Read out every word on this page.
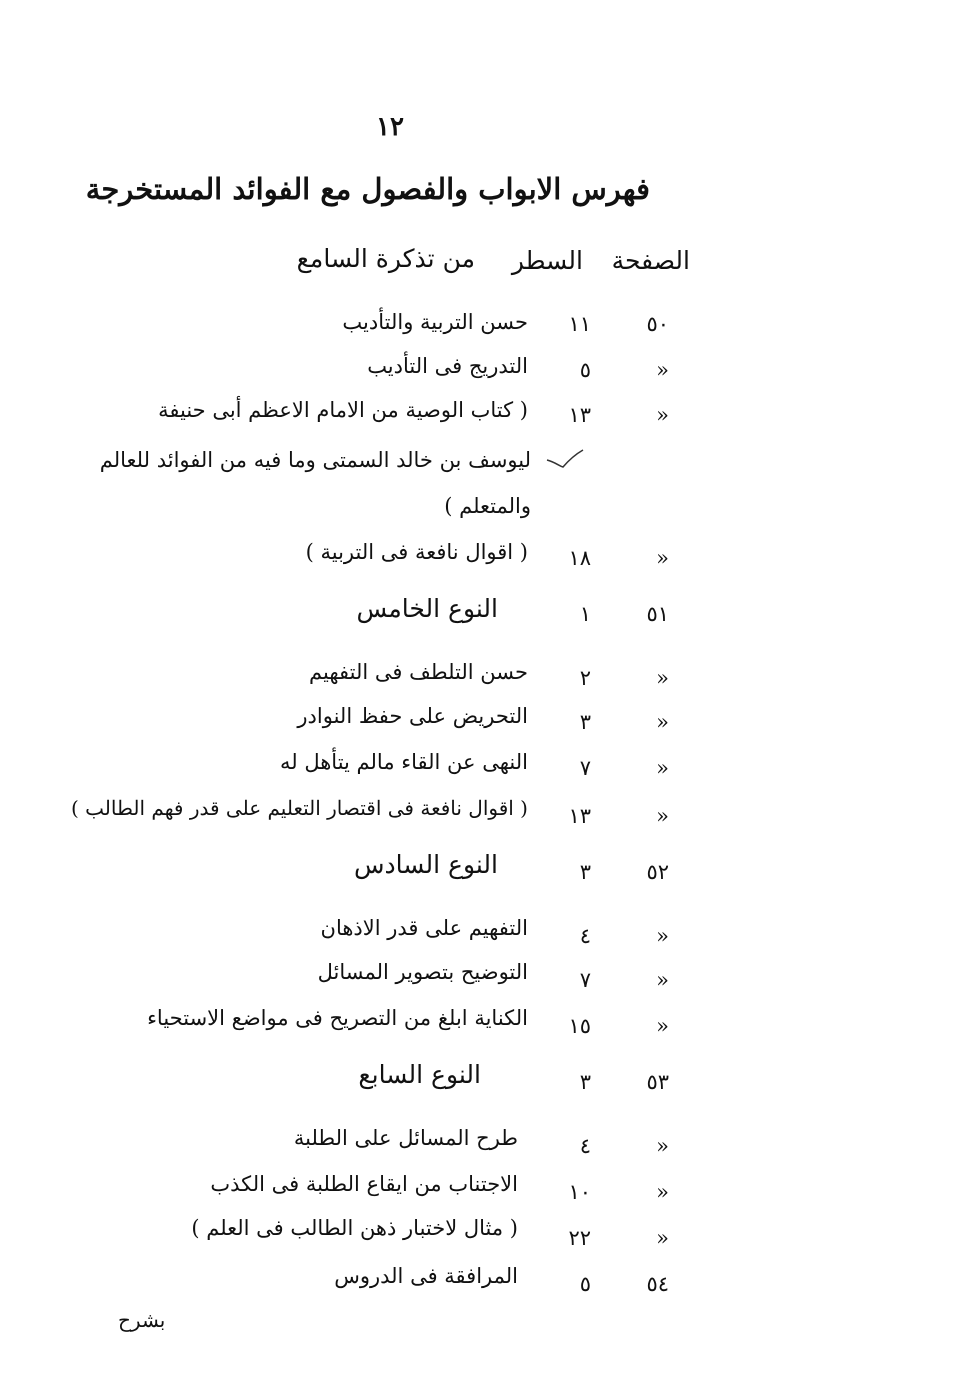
١٢
فهرس الابواب والفصول مع الفوائد المستخرجة
الصفحة
السطر
من تذكرة السامع
٥٠
١١
حسن التربية والتأديب
«
٥
التدريج فى التأديب
«
١٣
( كتاب الوصية من الامام الاعظم أبى حنيفة
ليوسف بن خالد السمتى وما فيه من الفوائد للعالم
والمتعلم )
«
١٨
( اقوال نافعة فى التربية )
٥١
١
النوع الخامس
«
٢
حسن التلطف فى التفهيم
«
٣
التحريض على حفظ النوادر
«
٧
النهى عن القاء مالم يتأهل له
«
١٣
( اقوال نافعة فى اقتصار التعليم على قدر فهم الطالب )
٥٢
٣
النوع السادس
«
٤
التفهيم على قدر الاذهان
«
٧
التوضيح بتصوير المسائل
«
١٥
الكناية ابلغ من التصريح فى مواضع الاستحياء
٥٣
٣
النوع السابع
«
٤
طرح المسائل على الطلبة
«
١٠
الاجتناب من ايقاع الطلبة فى الكذب
«
٢٢
( مثال لاختبار ذهن الطالب فى العلم )
٥٤
٥
المرافقة فى الدروس
بشرح
